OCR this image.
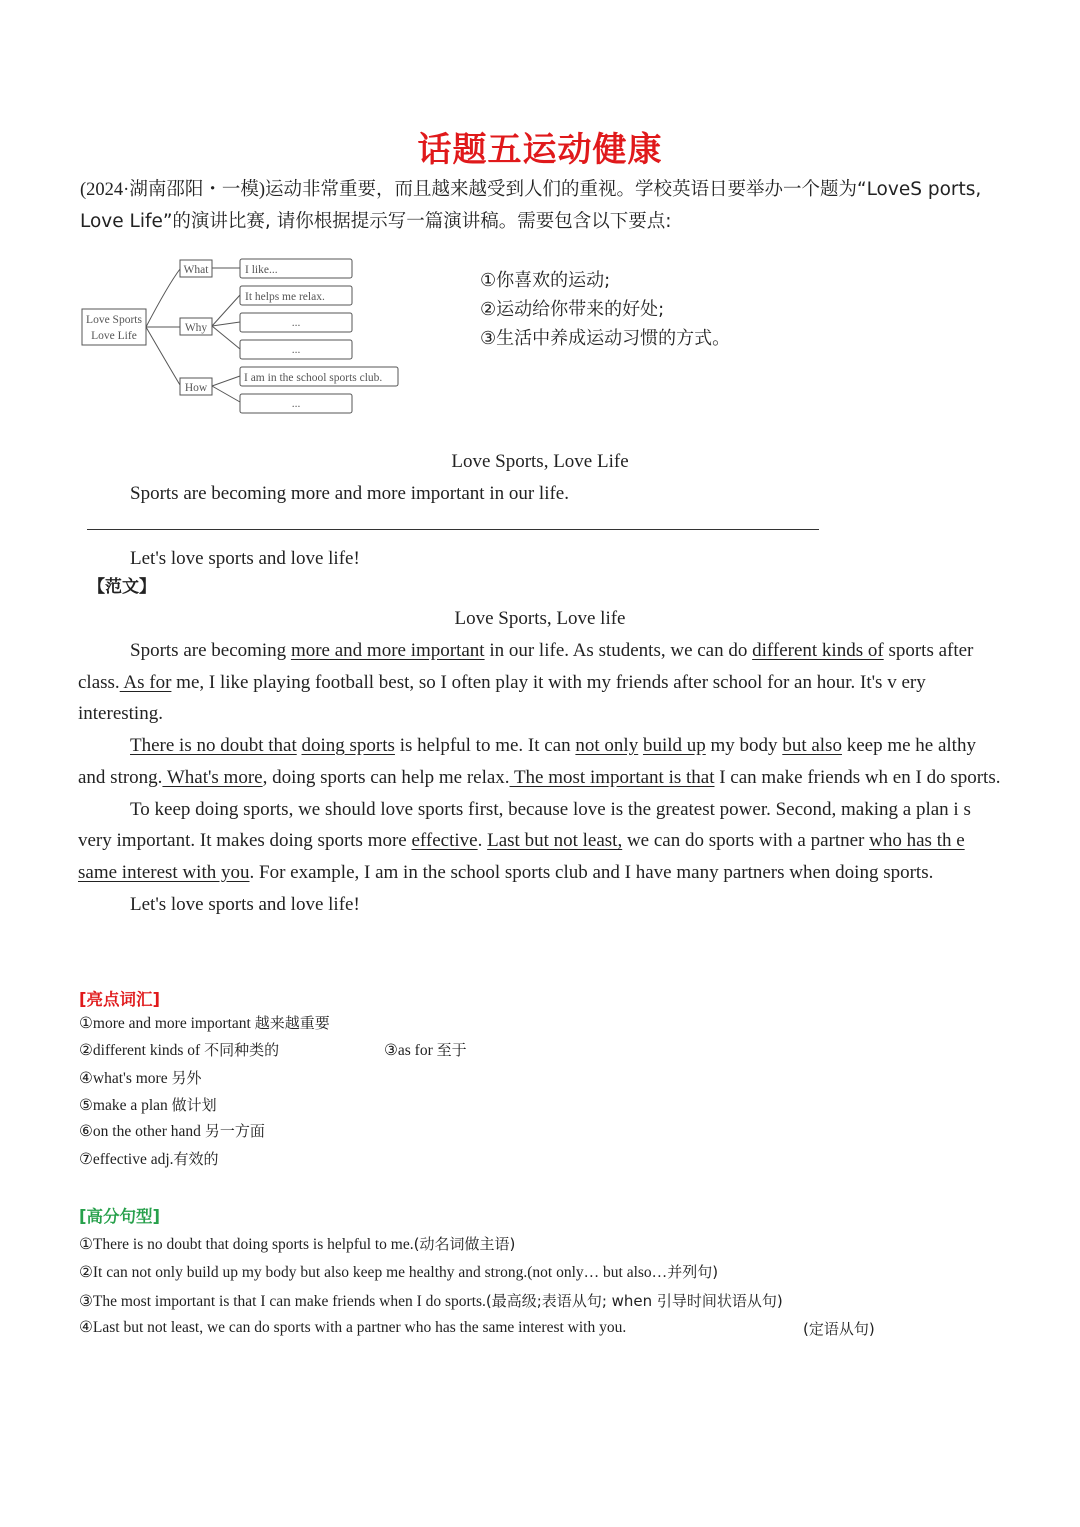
话题五运动健康
(2024·湖南邵阳・一模)运动非常重要，而且越来越受到人们的重视。学校英语日要举办一个题为“LoveS ports, Love Life”的演讲比赛, 请你根据提示写一篇演讲稿。需要包含以下要点:
Love Sports
Love Life
What
Why
How
I like...
It helps me relax.
...
...
I am in the school sports club.
...
①你喜欢的运动;
②运动给你带来的好处;
③生活中养成运动习惯的方式。
Love Sports, Love Life
Sports are becoming more and more important in our life.
Let's love sports and love life!
【范文】
Love Sports, Love life

Sports are becoming more and more important in our life. As students, we can do different kinds of sports after class. As for me, I like playing football best, so I often play it with my friends after school for an hour. It's v ery interesting.

There is no doubt that doing sports is helpful to me. It can not only build up my body but also keep me he althy and strong. What's more, doing sports can help me relax. The most important is that I can make friends wh en I do sports.

To keep doing sports, we should love sports first, because love is the greatest power. Second, making a plan i s very important. It makes doing sports more effective. Last but not least, we can do sports with a partner who has th e same interest with you. For example, I am in the school sports club and I have many partners when doing sports.

Let's love sports and love life!

[亮点词汇]
①more and more important 越来越重要
②different kinds of 不同种类的	③as for 至于
④what's more 另外
⑤make a plan 做计划
⑥on the other hand 另一方面
⑦effective adj.有效的
[高分句型]
①There is no doubt that doing sports is helpful to me.(动名词做主语)
②It can not only build up my body but also keep me healthy and strong.(not only… but also…并列句)
③The most important is that I can make friends when I do sports.(最高级;表语从句; when 引导时间状语从句)
④Last but not least, we can do sports with a partner who has the same interest with you.	(定语从句)
